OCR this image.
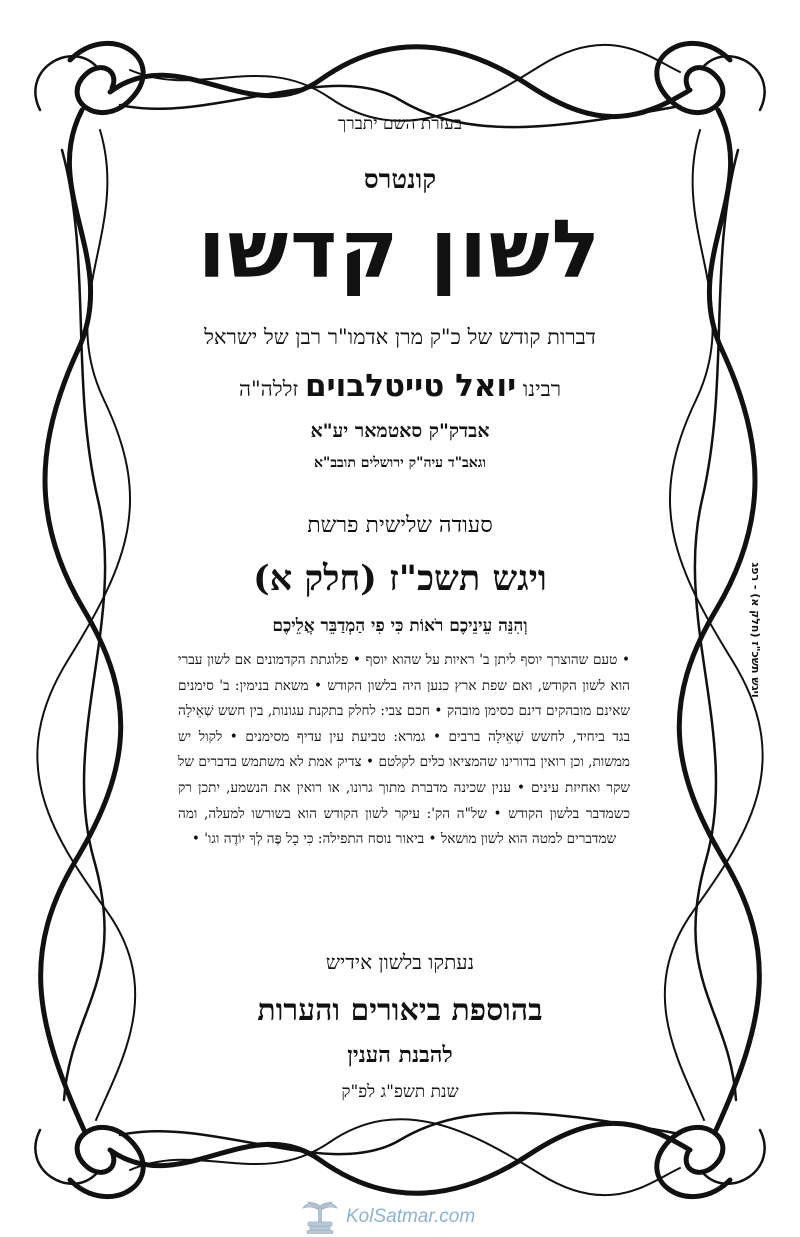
בעזרת השם יתברך
קונטרס
לשון קדשו
דברות קודש של כ"ק מרן אדמו"ר רבן של ישראל
רבינו יואל טייטלבוים זללה"ה
אבדק"ק סאטמאר יע"א
וגאב"ד עיה"ק ירושלים תובב"א
סעודה שלישית פרשת
ויגש תשכ"ז (חלק א)
וְהִנֵּה עֵינֵיכֶם רֹאוֹת כִּי פִי הַמְדַבֵּר אֲלֵיכֶם
• טעם שהוצרך יוסף ליתן ב' ראיות על שהוא יוסף • פלוגתת הקדמונים אם לשון עברי הוא לשון הקודש, ואם שפת ארץ כנען היה בלשון הקודש • משאת בנימין: ב' סימנים שאינם מובהקים דינם כסימן מובהק • חכם צבי: לחלק בתקנת עגונות, בין חשש שְׁאֵילָה בגד ביחיד, לחשש שְׁאֵילָה ברבים • גמרא: טביעת עין עדיף מסימנים • לקול יש ממשות, וכן רואין בדורינו שהמציאו כלים לקלטם • צדיק אמת לא משתמש בדברים של שקר ואחיזת עינים • ענין שכינה מדברת מתוך גרונו, או רואין את הנשמע, יתכן רק כשמדבר בלשון הקודש • של"ה הק': עיקר לשון הקודש הוא בשורשו למעלה, ומה שמדברים למטה הוא לשון מושאל • ביאור נוסח התפילה: כִּי כָל פֶּה לְךָ יוֹדֶה וגו' •
נעתקו בלשון אידיש
בהוספת ביאורים והערות
להבנת הענין
שנת תשפ"ג לפ"ק
ויגש תשכ"ז (חלק א) - רפג
KolSatmar.com
